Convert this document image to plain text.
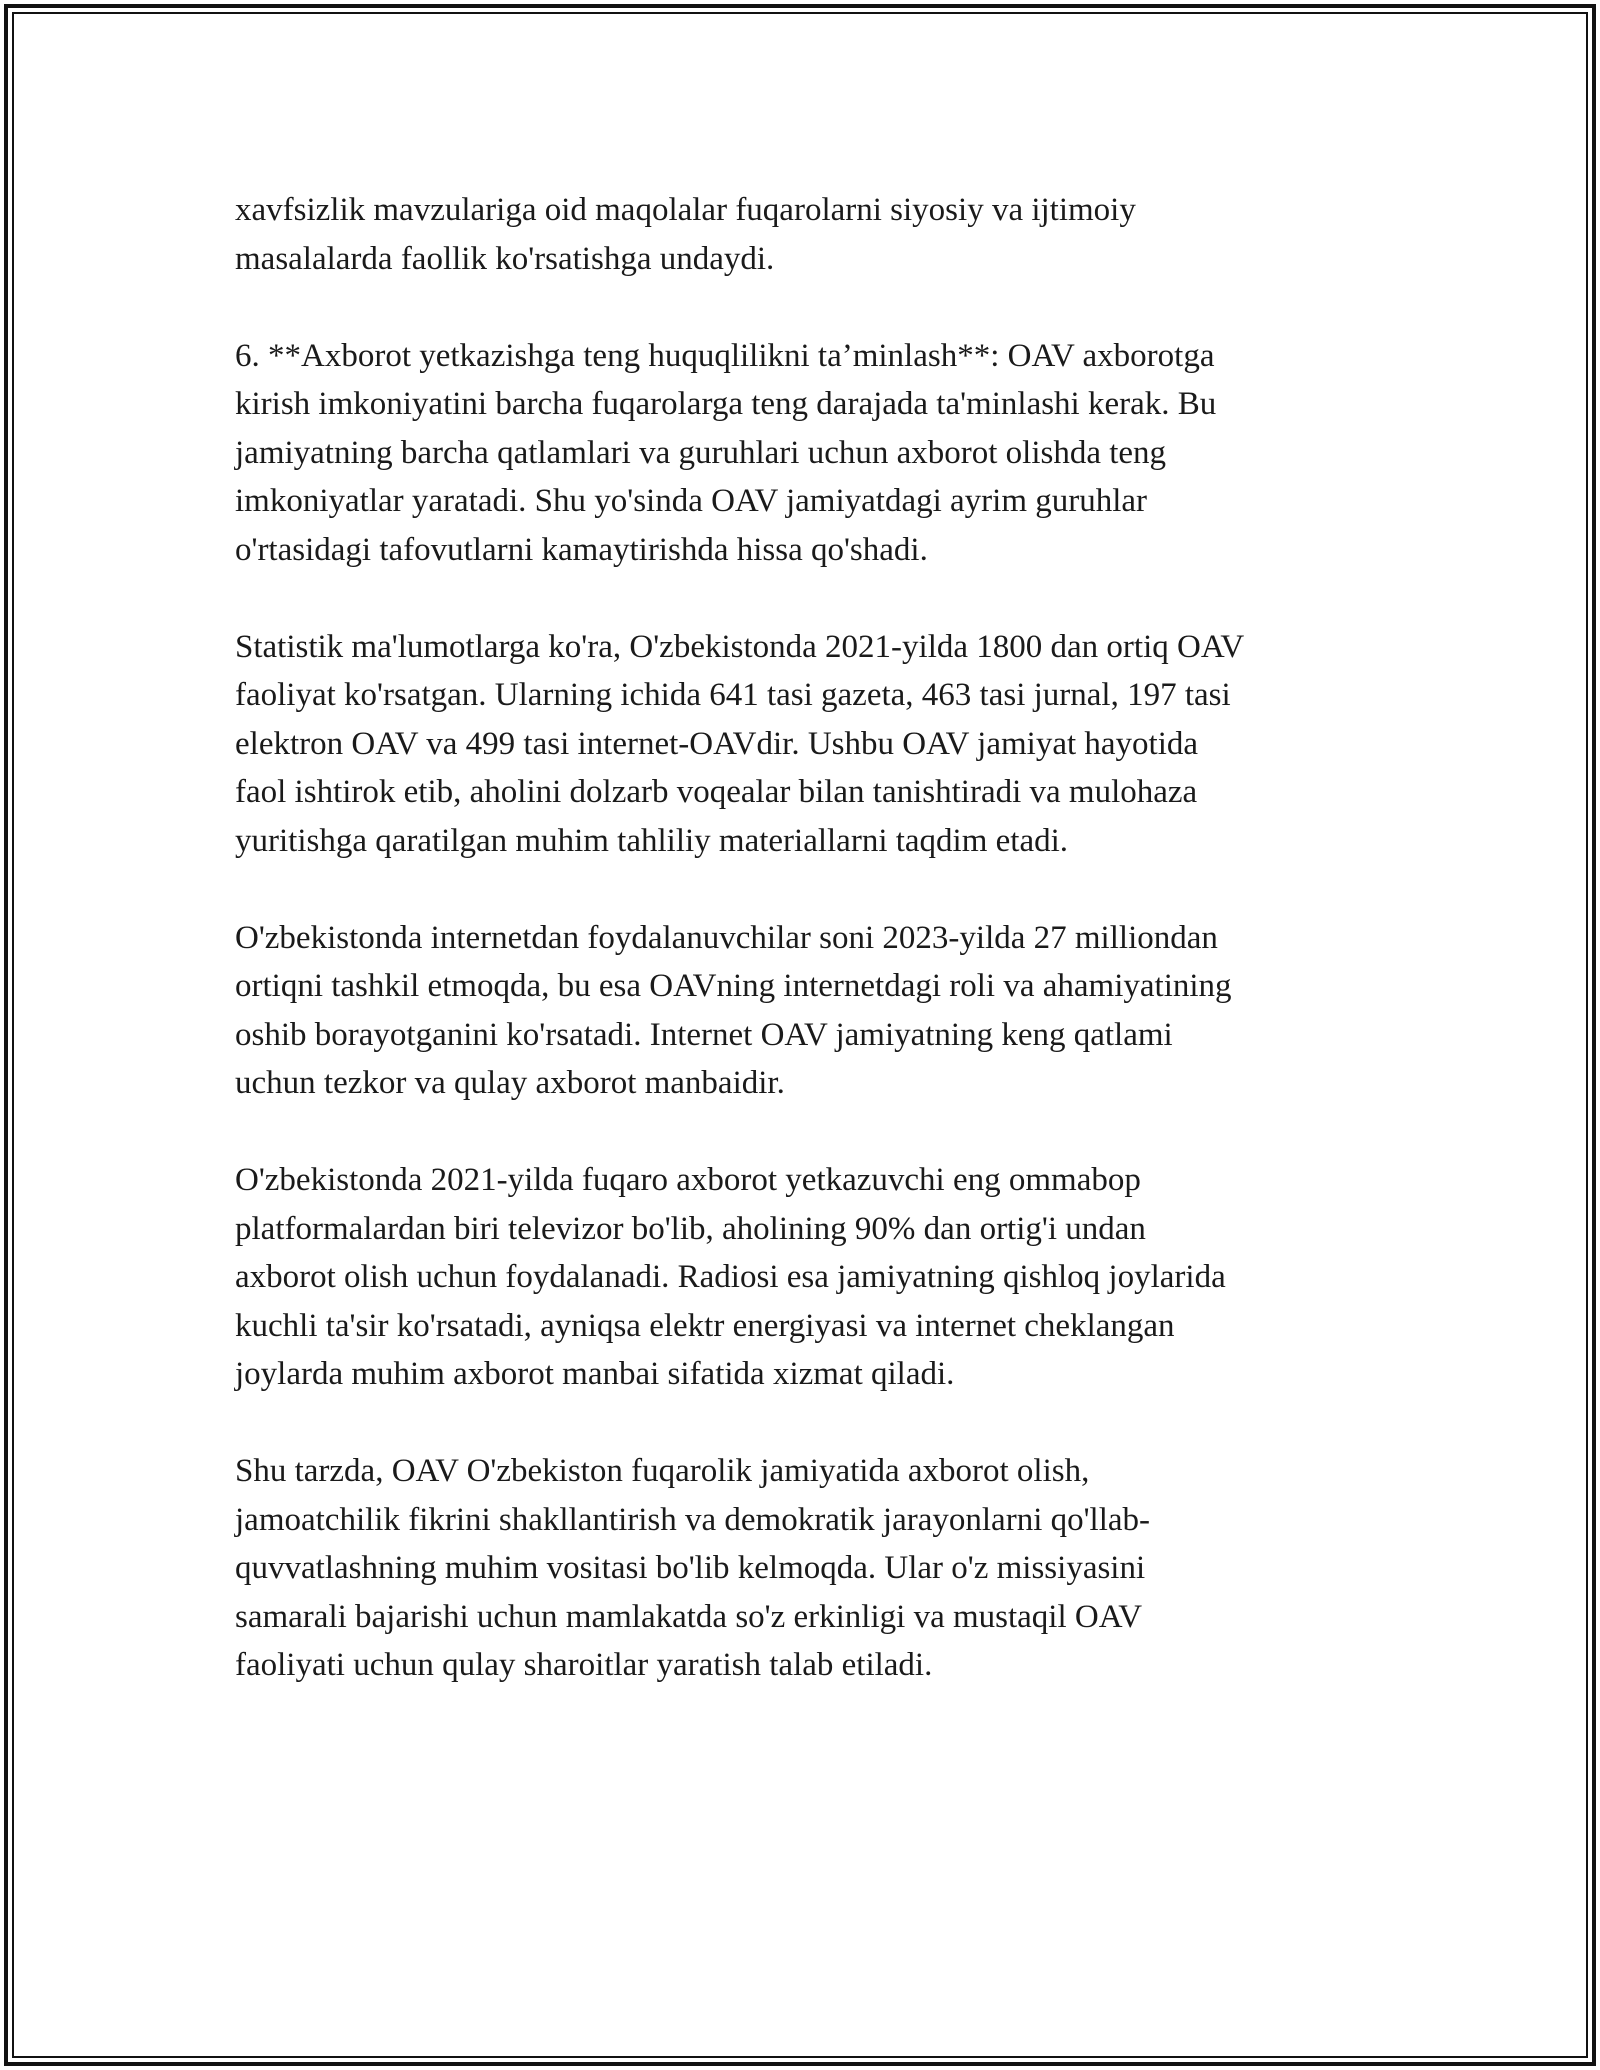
xavfsizlik mavzulariga oid maqolalar fuqarolarni siyosiy va ijtimoiy
masalalarda faollik ko'rsatishga undaydi.

6. **Axborot yetkazishga teng huquqlilikni ta’minlash**: OAV axborotga
kirish imkoniyatini barcha fuqarolarga teng darajada ta'minlashi kerak. Bu
jamiyatning barcha qatlamlari va guruhlari uchun axborot olishda teng
imkoniyatlar yaratadi. Shu yo'sinda OAV jamiyatdagi ayrim guruhlar
o'rtasidagi tafovutlarni kamaytirishda hissa qo'shadi.

Statistik ma'lumotlarga ko'ra, O'zbekistonda 2021-yilda 1800 dan ortiq OAV
faoliyat ko'rsatgan. Ularning ichida 641 tasi gazeta, 463 tasi jurnal, 197 tasi
elektron OAV va 499 tasi internet-OAVdir. Ushbu OAV jamiyat hayotida
faol ishtirok etib, aholini dolzarb voqealar bilan tanishtiradi va mulohaza
yuritishga qaratilgan muhim tahliliy materiallarni taqdim etadi.

O'zbekistonda internetdan foydalanuvchilar soni 2023-yilda 27 milliondan
ortiqni tashkil etmoqda, bu esa OAVning internetdagi roli va ahamiyatining
oshib borayotganini ko'rsatadi. Internet OAV jamiyatning keng qatlami
uchun tezkor va qulay axborot manbaidir.

O'zbekistonda 2021-yilda fuqaro axborot yetkazuvchi eng ommabop
platformalardan biri televizor bo'lib, aholining 90% dan ortig'i undan
axborot olish uchun foydalanadi. Radiosi esa jamiyatning qishloq joylarida
kuchli ta'sir ko'rsatadi, ayniqsa elektr energiyasi va internet cheklangan
joylarda muhim axborot manbai sifatida xizmat qiladi.

Shu tarzda, OAV O'zbekiston fuqarolik jamiyatida axborot olish,
jamoatchilik fikrini shakllantirish va demokratik jarayonlarni qo'llab-
quvvatlashning muhim vositasi bo'lib kelmoqda. Ular o'z missiyasini
samarali bajarishi uchun mamlakatda so'z erkinligi va mustaqil OAV
faoliyati uchun qulay sharoitlar yaratish talab etiladi.
